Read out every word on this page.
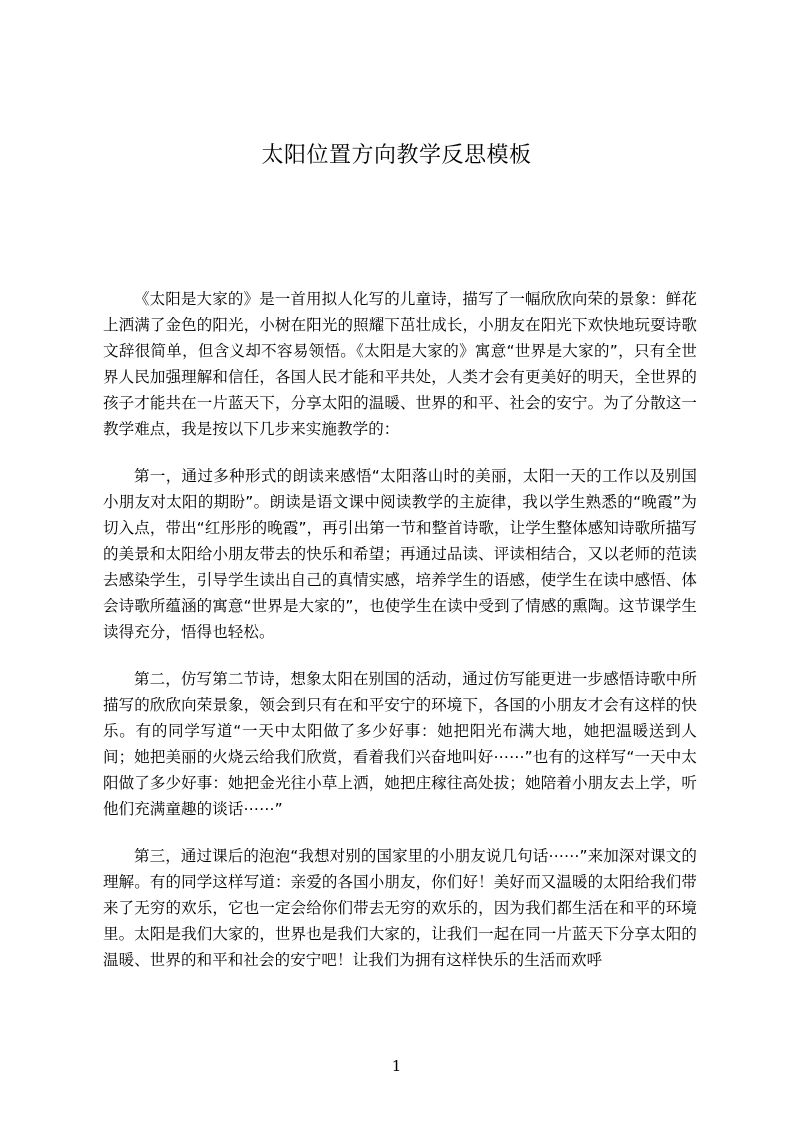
太阳位置方向教学反思模板

《太阳是大家的》是一首用拟人化写的儿童诗，描写了一幅欣欣向荣的景象：鲜花上洒满了金色的阳光，小树在阳光的照耀下茁壮成长，小朋友在阳光下欢快地玩耍诗歌文辞很简单，但含义却不容易领悟。《太阳是大家的》寓意“世界是大家的”，只有全世界人民加强理解和信任，各国人民才能和平共处，人类才会有更美好的明天，全世界的孩子才能共在一片蓝天下，分享太阳的温暖、世界的和平、社会的安宁。为了分散这一教学难点，我是按以下几步来实施教学的：

第一，通过多种形式的朗读来感悟“太阳落山时的美丽，太阳一天的工作以及别国小朋友对太阳的期盼”。朗读是语文课中阅读教学的主旋律，我以学生熟悉的“晚霞”为切入点，带出“红彤彤的晚霞”，再引出第一节和整首诗歌，让学生整体感知诗歌所描写的美景和太阳给小朋友带去的快乐和希望；再通过品读、评读相结合，又以老师的范读去感染学生，引导学生读出自己的真情实感，培养学生的语感，使学生在读中感悟、体会诗歌所蕴涵的寓意“世界是大家的”，也使学生在读中受到了情感的熏陶。这节课学生读得充分，悟得也轻松。

第二，仿写第二节诗，想象太阳在别国的活动，通过仿写能更进一步感悟诗歌中所描写的欣欣向荣景象，领会到只有在和平安宁的环境下，各国的小朋友才会有这样的快乐。有的同学写道“一天中太阳做了多少好事：她把阳光布满大地，她把温暖送到人间；她把美丽的火烧云给我们欣赏，看着我们兴奋地叫好⋯⋯”也有的这样写“一天中太阳做了多少好事：她把金光往小草上洒，她把庄稼往高处拔；她陪着小朋友去上学，听他们充满童趣的谈话⋯⋯”

第三，通过课后的泡泡“我想对别的国家里的小朋友说几句话⋯⋯”来加深对课文的理解。有的同学这样写道：亲爱的各国小朋友，你们好！美好而又温暖的太阳给我们带来了无穷的欢乐，它也一定会给你们带去无穷的欢乐的，因为我们都生活在和平的环境里。太阳是我们大家的，世界也是我们大家的，让我们一起在同一片蓝天下分享太阳的温暖、世界的和平和社会的安宁吧！让我们为拥有这样快乐的生活而欢呼

1
